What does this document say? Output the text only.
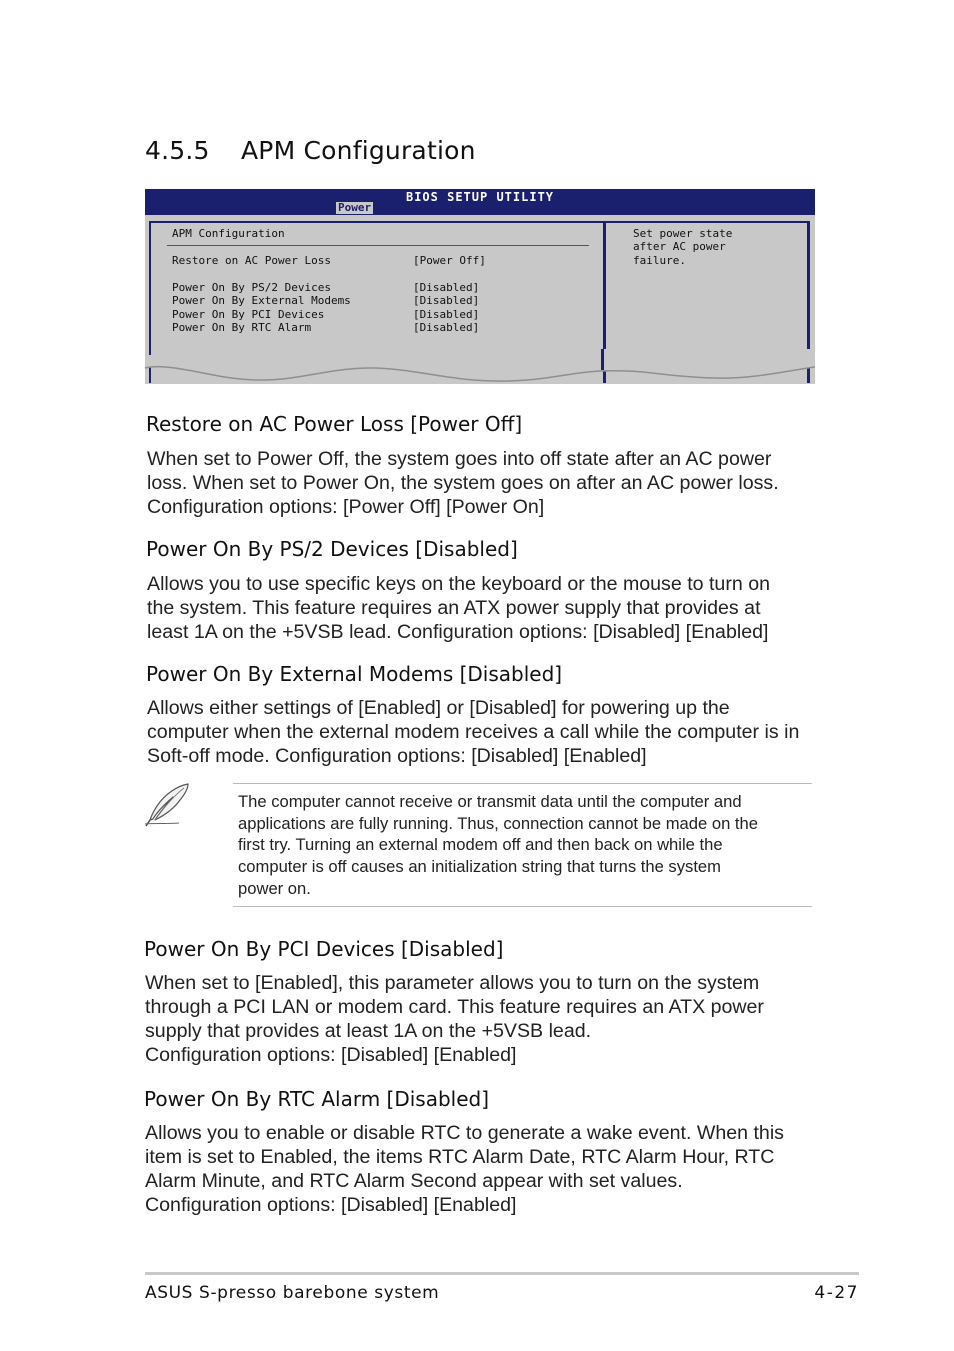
4.5.5 APM Configuration
BIOS SETUP UTILITY
Power
APM Configuration
Restore on AC Power Loss	[Power Off]
Power On By PS/2 Devices	[Disabled]
Power On By External Modems	[Disabled]
Power On By PCI Devices	[Disabled]
Power On By RTC Alarm	[Disabled]
Set power state
after AC power
failure.
Restore on AC Power Loss [Power Off]

When set to Power Off, the system goes into off state after an AC power
loss. When set to Power On, the system goes on after an AC power loss.
Configuration options: [Power Off] [Power On]

Power On By PS/2 Devices [Disabled]

Allows you to use specific keys on the keyboard or the mouse to turn on
the system. This feature requires an ATX power supply that provides at
least 1A on the +5VSB lead. Configuration options: [Disabled] [Enabled]

Power On By External Modems [Disabled]

Allows either settings of [Enabled] or [Disabled] for powering up the
computer when the external modem receives a call while the computer is in
Soft-off mode. Configuration options: [Disabled] [Enabled]

The computer cannot receive or transmit data until the computer and
applications are fully running. Thus, connection cannot be made on the
first try. Turning an external modem off and then back on while the
computer is off causes an initialization string that turns the system
power on.

Power On By PCI Devices [Disabled]

When set to [Enabled], this parameter allows you to turn on the system
through a PCI LAN or modem card. This feature requires an ATX power
supply that provides at least 1A on the +5VSB lead.
Configuration options: [Disabled] [Enabled]

Power On By RTC Alarm [Disabled]

Allows you to enable or disable RTC to generate a wake event. When this
item is set to Enabled, the items RTC Alarm Date, RTC Alarm Hour, RTC
Alarm Minute, and RTC Alarm Second appear with set values.
Configuration options: [Disabled] [Enabled]

ASUS S-presso barebone system	4-27
